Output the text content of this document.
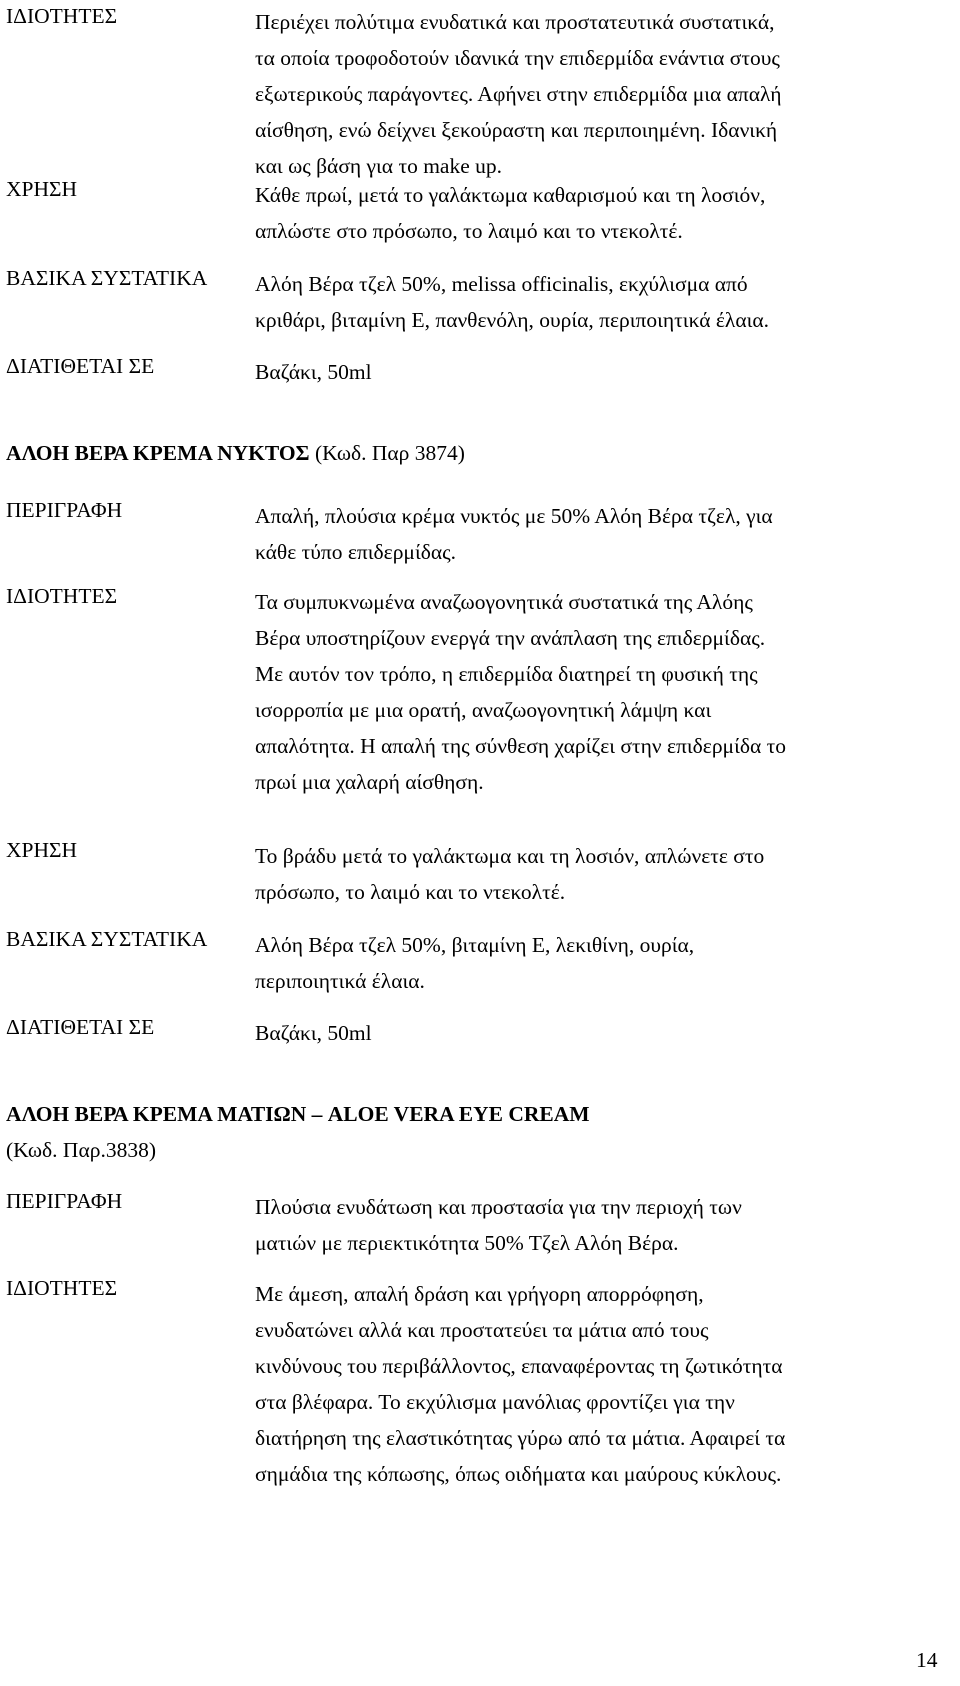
ΙΔΙΟΤΗΤΕΣ	Περιέχει πολύτιμα ενυδατικά και προστατευτικά συστατικά,
τα οποία τροφοδοτούν ιδανικά την επιδερμίδα ενάντια στους
εξωτερικούς παράγοντες. Αφήνει στην επιδερμίδα μια απαλή
αίσθηση, ενώ δείχνει ξεκούραστη και περιποιημένη. Ιδανική
και ως βάση για το make up.
ΧΡΗΣΗ	Κάθε πρωί, μετά το γαλάκτωμα καθαρισμού και τη λοσιόν,
απλώστε στο πρόσωπο, το λαιμό και το ντεκολτέ.
ΒΑΣΙΚΑ ΣΥΣΤΑΤΙΚΑ Αλόη Βέρα τζελ 50%, melissa officinalis, εκχύλισμα από
κριθάρι, βιταμίνη Ε, πανθενόλη, ουρία, περιποιητικά έλαια.
ΔΙΑΤΙΘΕΤΑΙ ΣΕ	Βαζάκι, 50ml
ΑΛΟΗ ΒΕΡΑ ΚΡΕΜΑ ΝΥΚΤΟΣ (Κωδ. Παρ 3874)
ΠΕΡΙΓΡΑΦΗ	Απαλή, πλούσια κρέμα νυκτός με 50% Αλόη Βέρα τζελ, για
κάθε τύπο επιδερμίδας.
ΙΔΙΟΤΗΤΕΣ	Τα συμπυκνωμένα αναζωογονητικά συστατικά της Αλόης
Βέρα υποστηρίζουν ενεργά την ανάπλαση της επιδερμίδας.
Με αυτόν τον τρόπο, η επιδερμίδα διατηρεί τη φυσική της
ισορροπία με μια ορατή, αναζωογονητική λάμψη και
απαλότητα. Η απαλή της σύνθεση χαρίζει στην επιδερμίδα το
πρωί μια χαλαρή αίσθηση.
ΧΡΗΣΗ	Το βράδυ μετά το γαλάκτωμα και τη λοσιόν, απλώνετε στο
πρόσωπο, το λαιμό και το ντεκολτέ.
ΒΑΣΙΚΑ ΣΥΣΤΑΤΙΚΑ Αλόη Βέρα τζελ 50%, βιταμίνη Ε, λεκιθίνη, ουρία,
περιποιητικά έλαια.
ΔΙΑΤΙΘΕΤΑΙ ΣΕ	Βαζάκι, 50ml
ΑΛΟΗ ΒΕΡΑ ΚΡΕΜΑ ΜΑΤΙΩΝ – ALOE VERA EYE CREAM
(Κωδ. Παρ.3838)
ΠΕΡΙΓΡΑΦΗ	Πλούσια ενυδάτωση και προστασία για την περιοχή των
ματιών με περιεκτικότητα 50% Τζελ Αλόη Βέρα.
ΙΔΙΟΤΗΤΕΣ	Με άμεση, απαλή δράση και γρήγορη απορρόφηση,
ενυδατώνει αλλά και προστατεύει τα μάτια από τους
κινδύνους του περιβάλλοντος, επαναφέροντας τη ζωτικότητα
στα βλέφαρα. Το εκχύλισμα μανόλιας φροντίζει για την
διατήρηση της ελαστικότητας γύρω από τα μάτια. Αφαιρεί τα
σημάδια της κόπωσης, όπως οιδήματα και μαύρους κύκλους.
14
